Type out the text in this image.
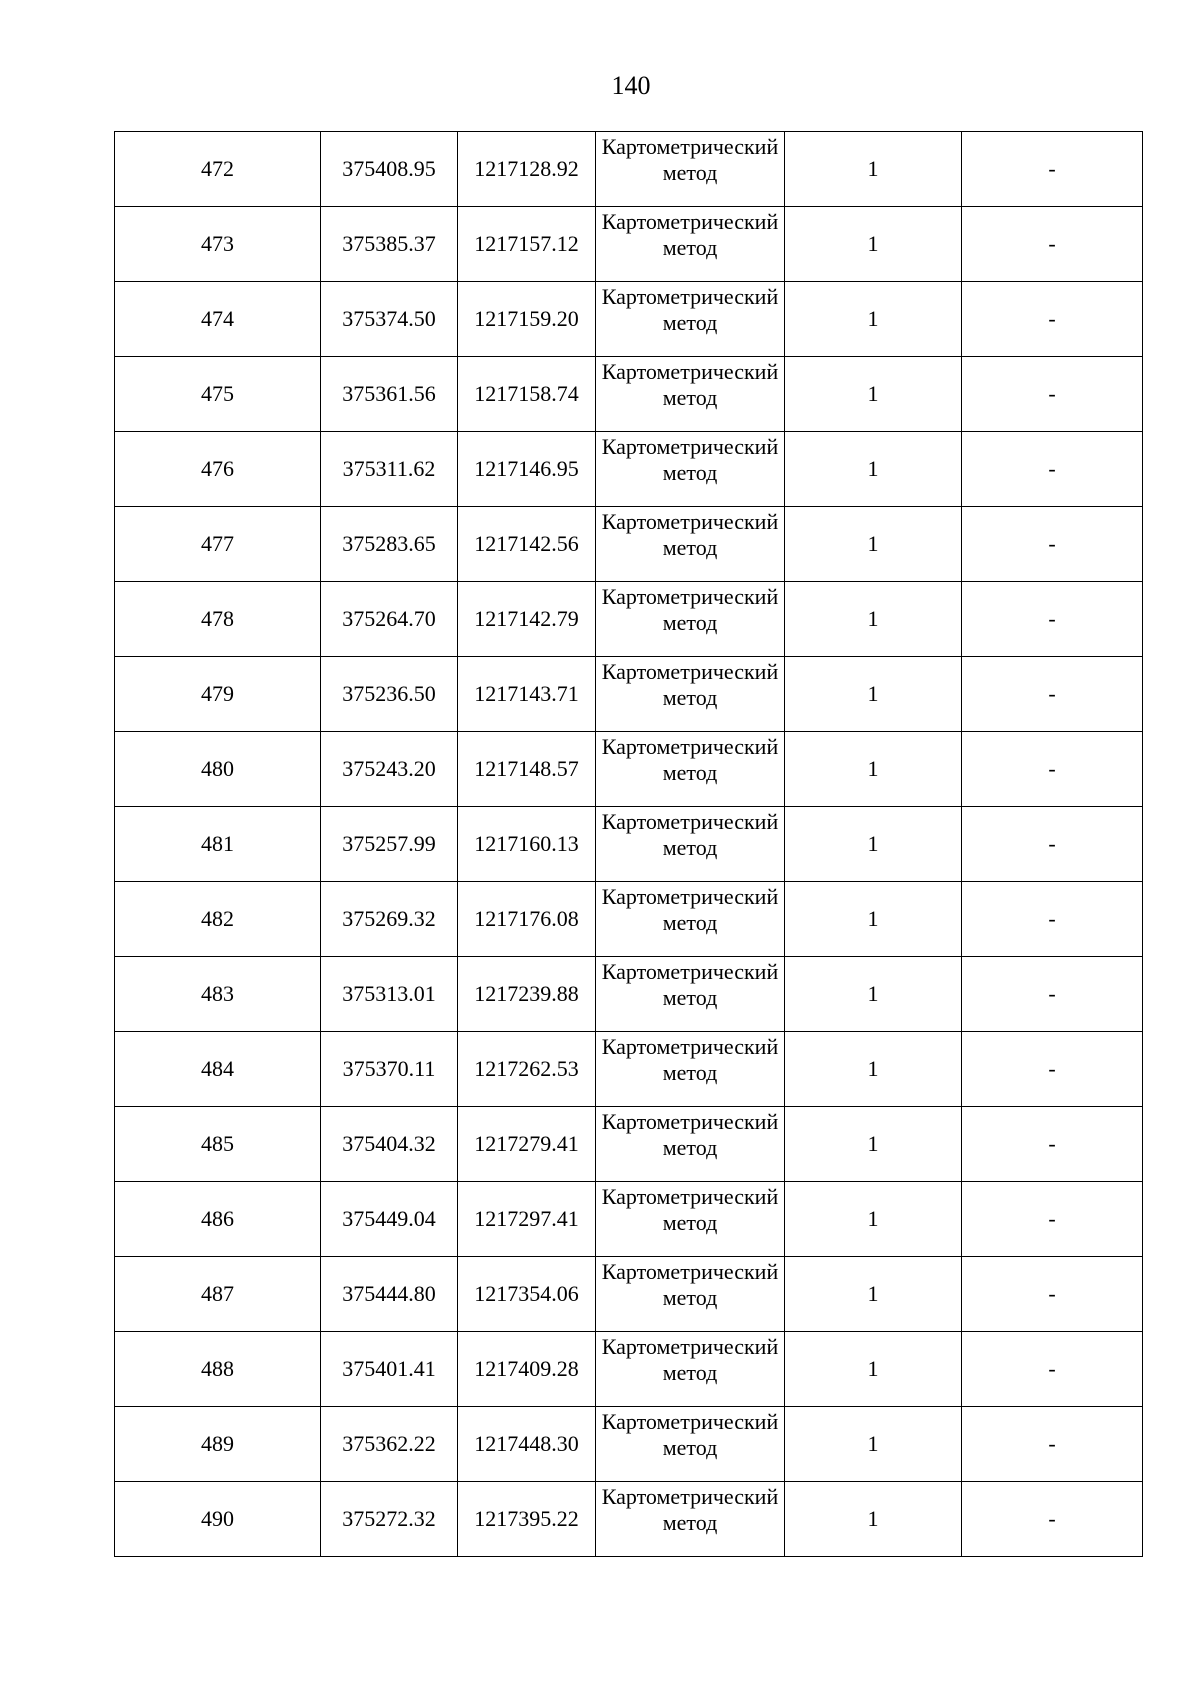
140
472	375408.95	1217128.92	Картометрический метод	1	-
473	375385.37	1217157.12	Картометрический метод	1	-
474	375374.50	1217159.20	Картометрический метод	1	-
475	375361.56	1217158.74	Картометрический метод	1	-
476	375311.62	1217146.95	Картометрический метод	1	-
477	375283.65	1217142.56	Картометрический метод	1	-
478	375264.70	1217142.79	Картометрический метод	1	-
479	375236.50	1217143.71	Картометрический метод	1	-
480	375243.20	1217148.57	Картометрический метод	1	-
481	375257.99	1217160.13	Картометрический метод	1	-
482	375269.32	1217176.08	Картометрический метод	1	-
483	375313.01	1217239.88	Картометрический метод	1	-
484	375370.11	1217262.53	Картометрический метод	1	-
485	375404.32	1217279.41	Картометрический метод	1	-
486	375449.04	1217297.41	Картометрический метод	1	-
487	375444.80	1217354.06	Картометрический метод	1	-
488	375401.41	1217409.28	Картометрический метод	1	-
489	375362.22	1217448.30	Картометрический метод	1	-
490	375272.32	1217395.22	Картометрический метод	1	-
